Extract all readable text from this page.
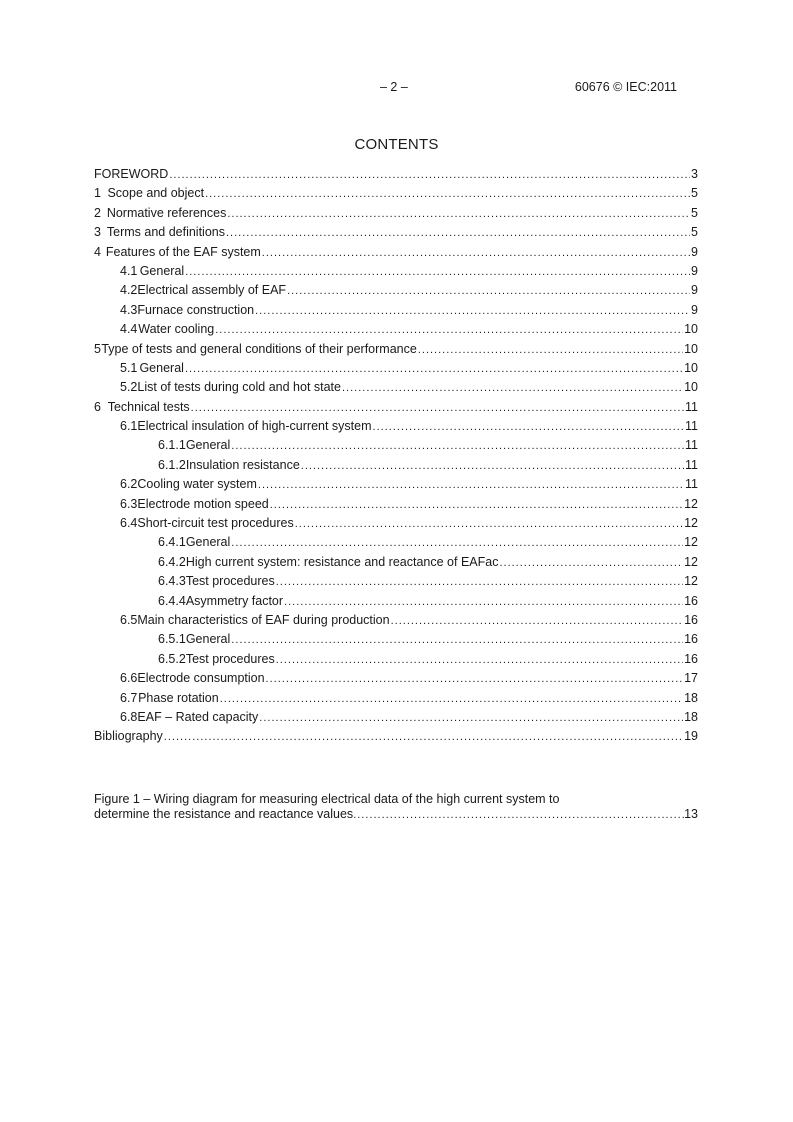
– 2 –	60676 © IEC:2011
CONTENTS
FOREWORD .....	3
1 Scope and object .....	5
2 Normative references .....	5
3 Terms and definitions .....	5
4 Features of the EAF system .....	9
4.1 General .....	9
4.2 Electrical assembly of EAF .....	9
4.3 Furnace construction .....	9
4.4 Water cooling .....	10
5 Type of tests and general conditions of their performance .....	10
5.1 General .....	10
5.2 List of tests during cold and hot state .....	10
6 Technical tests .....	11
6.1 Electrical insulation of high-current system .....	11
6.1.1 General .....	11
6.1.2 Insulation resistance .....	11
6.2 Cooling water system .....	11
6.3 Electrode motion speed .....	12
6.4 Short-circuit test procedures .....	12
6.4.1 General .....	12
6.4.2 High current system: resistance and reactance of EAFac .....	12
6.4.3 Test procedures .....	12
6.4.4 Asymmetry factor .....	16
6.5 Main characteristics of EAF during production .....	16
6.5.1 General .....	16
6.5.2 Test procedures .....	16
6.6 Electrode consumption .....	17
6.7 Phase rotation .....	18
6.8 EAF – Rated capacity .....	18
Bibliography .....	19
Figure 1 – Wiring diagram for measuring electrical data of the high current system to
determine the resistance and reactance values .....	13
